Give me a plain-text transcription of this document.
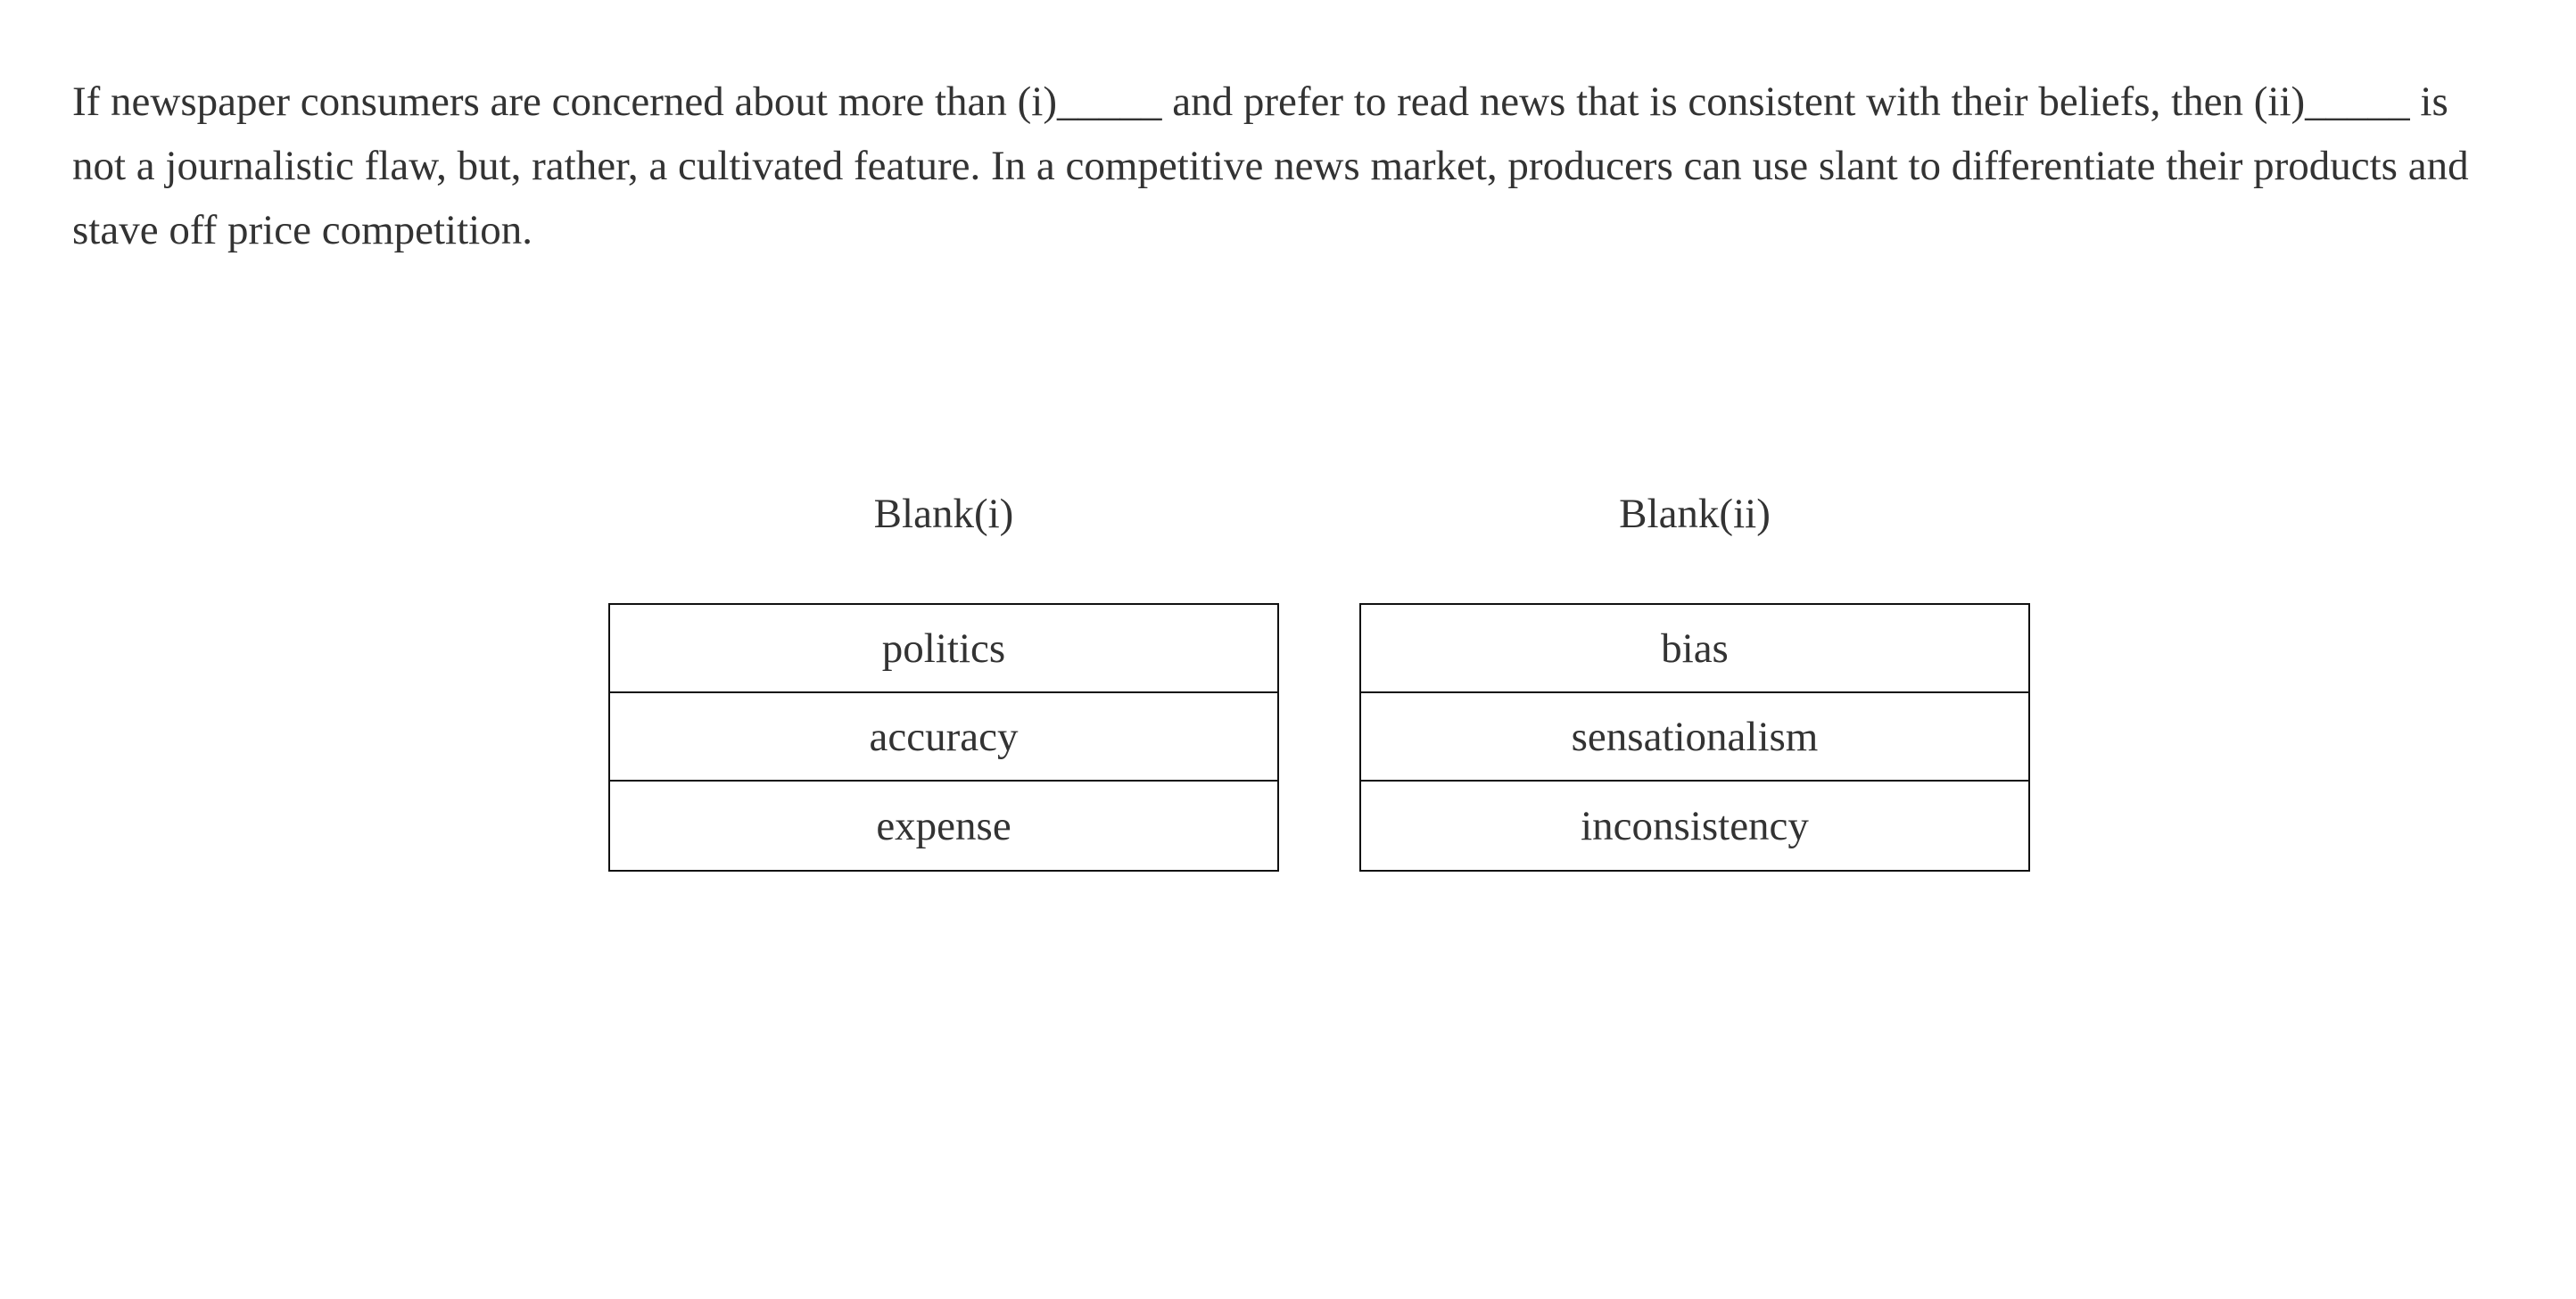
If newspaper consumers are concerned about more than (i)_____ and prefer to read news that is consistent with their beliefs, then (ii)_____ is not a journalistic flaw, but, rather, a cultivated feature. In a competitive news market, producers can use slant to differentiate their products and stave off price competition.

Blank(i)
politics
accuracy
expense
Blank(ii)
bias
sensationalism
inconsistency
